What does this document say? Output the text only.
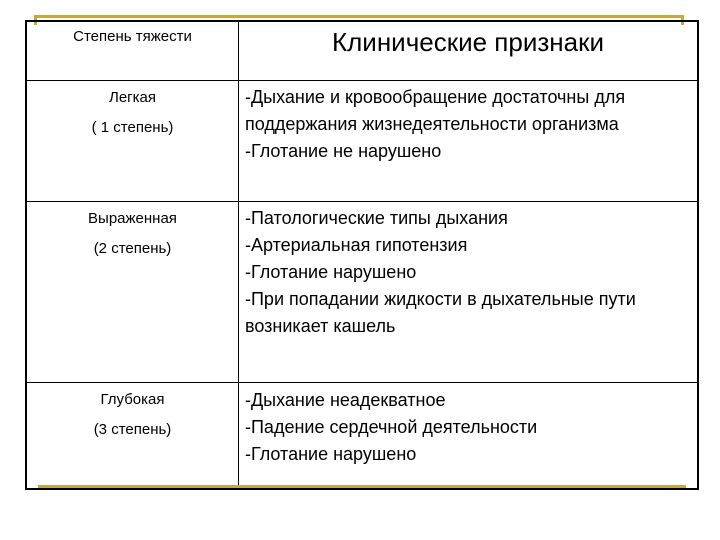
Степень тяжести	Клинические признаки
Легкая
( 1 степень)
-Дыхание и кровообращение достаточны для поддержания жизнедеятельности организма
-Глотание не нарушено
Выраженная
(2 степень)
-Патологические типы дыхания
-Артериальная гипотензия
-Глотание нарушено
-При попадании жидкости в дыхательные пути возникает кашель
Глубокая
(3 степень)
-Дыхание неадекватное
-Падение сердечной деятельности
-Глотание нарушено
